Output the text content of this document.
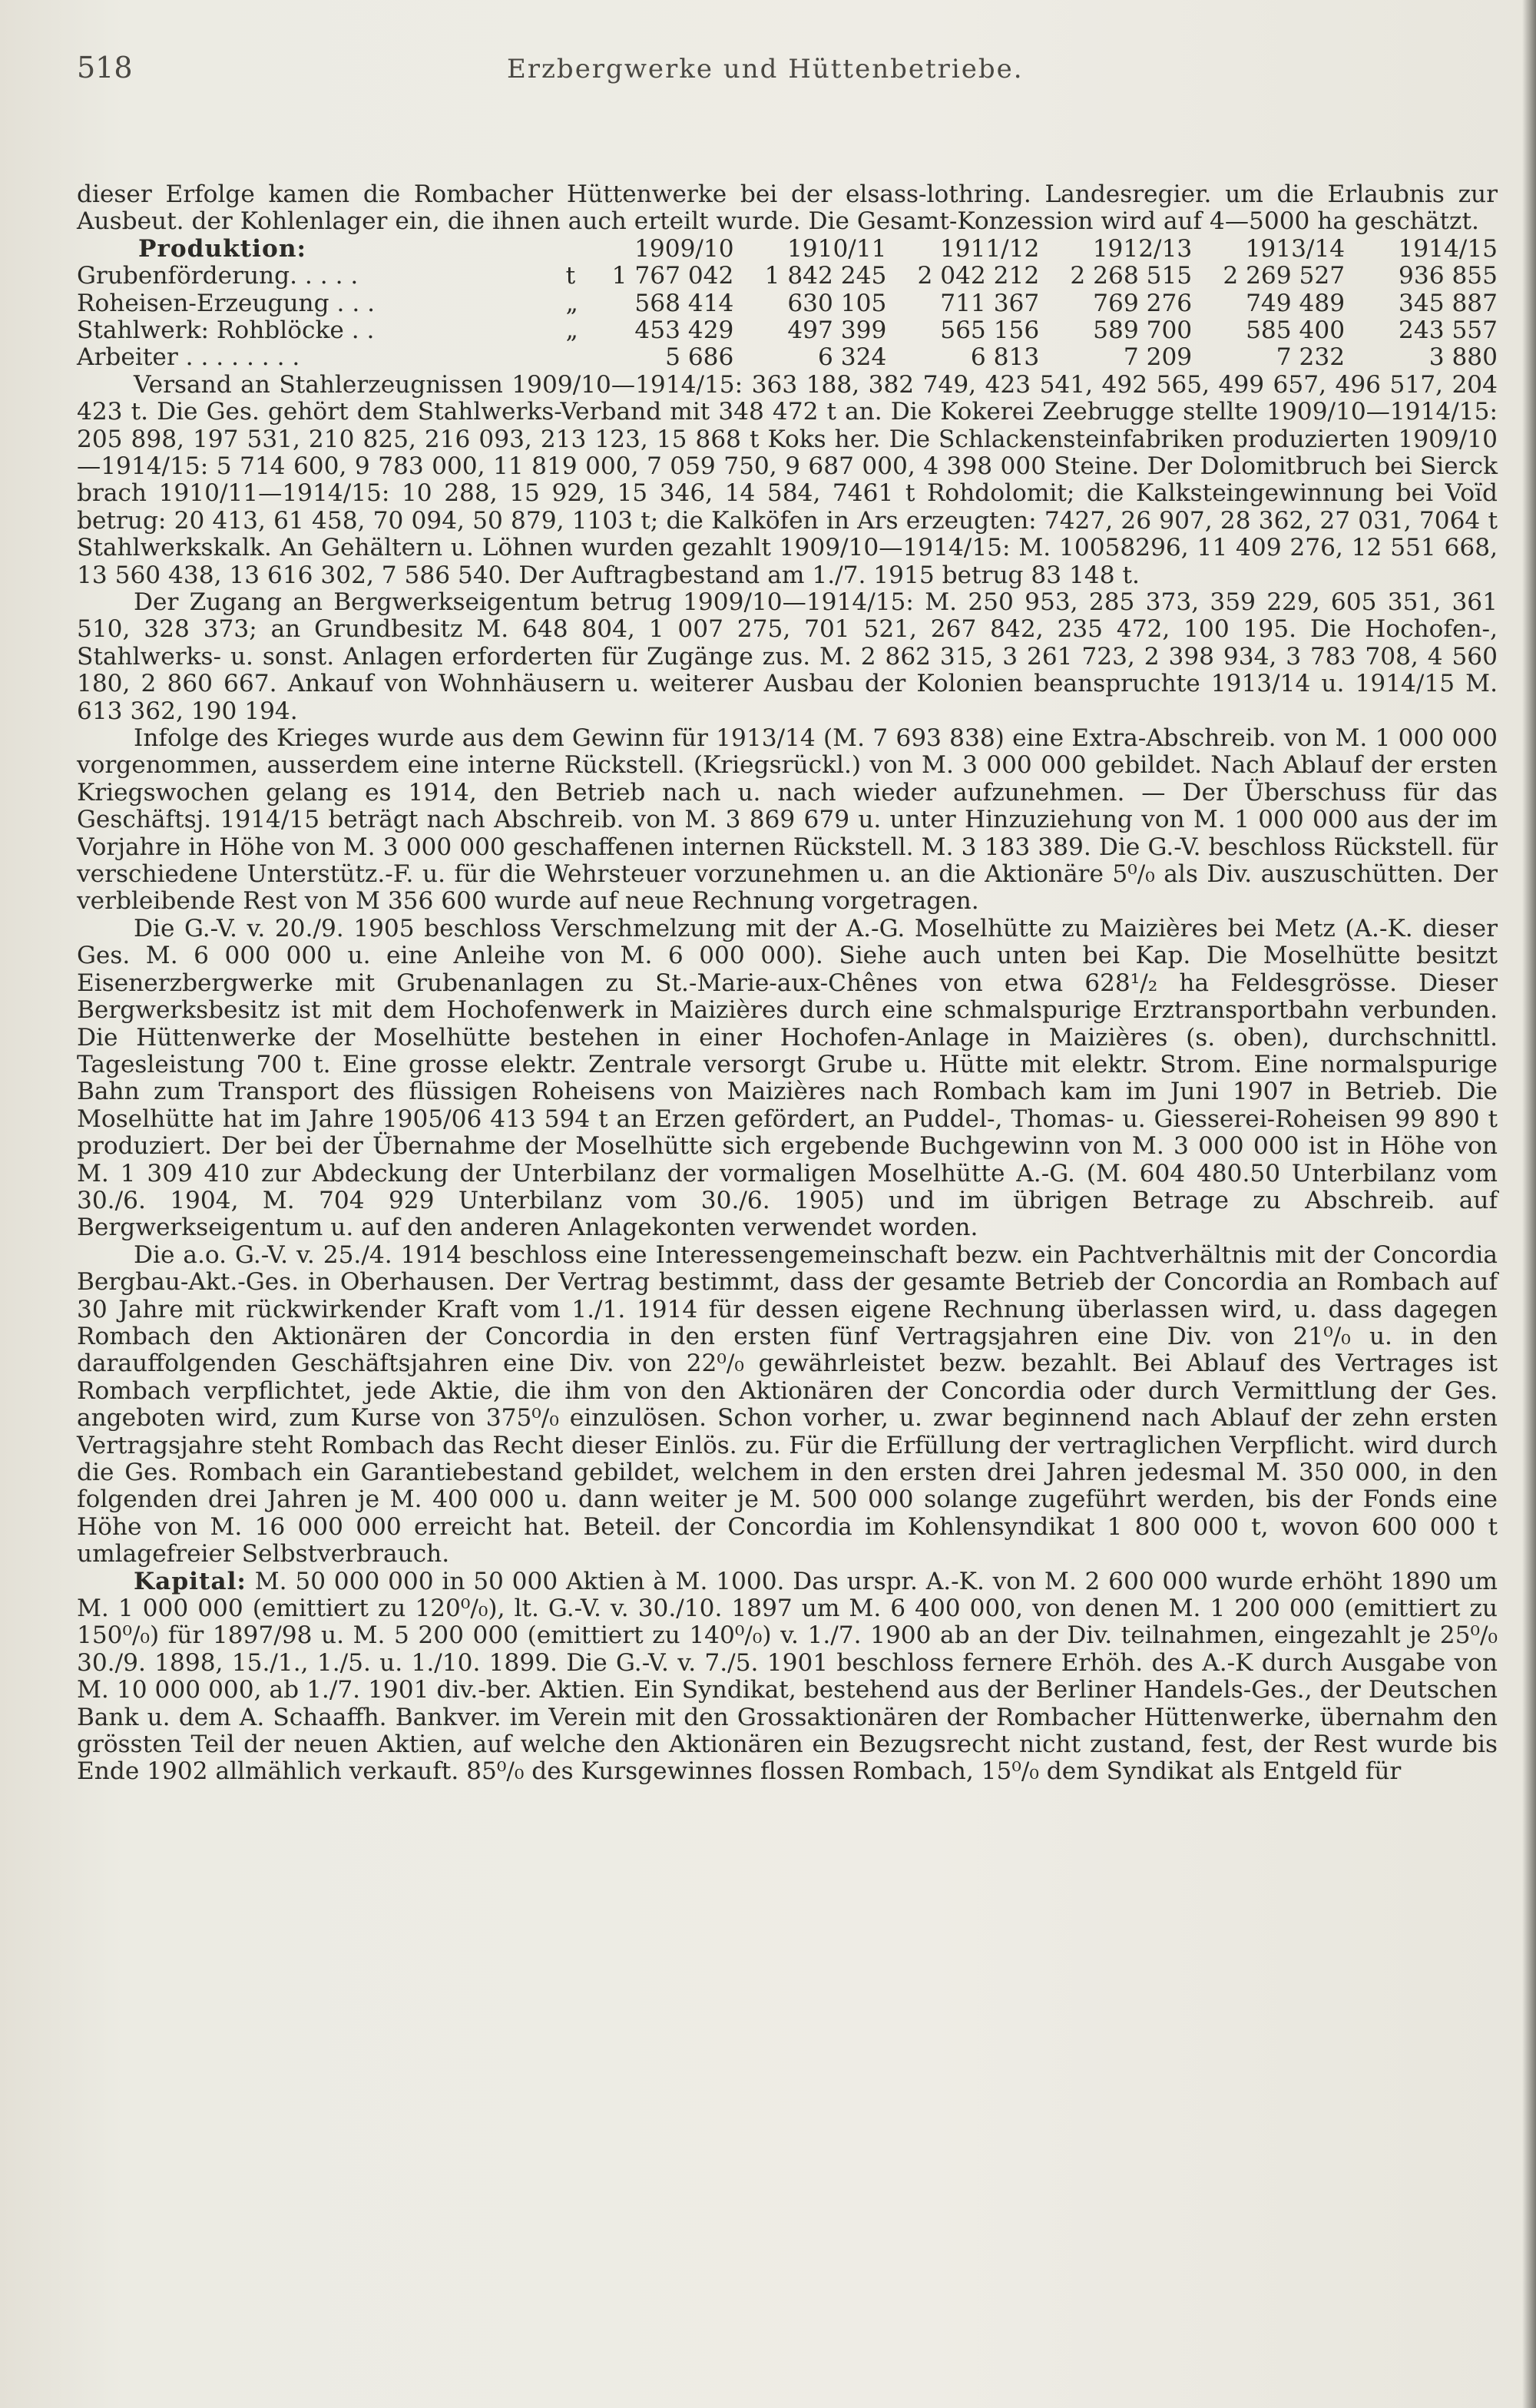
518	Erzbergwerke und Hüttenbetriebe.

dieser Erfolge kamen die Rombacher Hüttenwerke bei der elsass-lothring. Landesregier. um die Erlaubnis zur Ausbeut. der Kohlenlager ein, die ihnen auch erteilt wurde. Die Gesamt-Konzession wird auf 4—5000 ha geschätzt.

Produktion:	1909/10	1910/11	1911/12	1912/13	1913/14	1914/15
Grubenförderung. . . . .	t	1 767 042	1 842 245	2 042 212	2 268 515	2 269 527	936 855
Roheisen-Erzeugung . . .	„	568 414	630 105	711 367	769 276	749 489	345 887
Stahlwerk: Rohblöcke . .	„	453 429	497 399	565 156	589 700	585 400	243 557
Arbeiter . . . . . . . .	5 686	6 324	6 813	7 209	7 232	3 880

Versand an Stahlerzeugnissen 1909/10—1914/15: 363 188, 382 749, 423 541, 492 565, 499 657, 496 517, 204 423 t. Die Ges. gehört dem Stahlwerks-Verband mit 348 472 t an. Die Kokerei Zeebrugge stellte 1909/10—1914/15: 205 898, 197 531, 210 825, 216 093, 213 123, 15 868 t Koks her. Die Schlackensteinfabriken produzierten 1909/10—1914/15: 5 714 600, 9 783 000, 11 819 000, 7 059 750, 9 687 000, 4 398 000 Steine. Der Dolomitbruch bei Sierck brach 1910/11—1914/15: 10 288, 15 929, 15 346, 14 584, 7461 t Rohdolomit; die Kalksteingewinnung bei Voïd betrug: 20 413, 61 458, 70 094, 50 879, 1103 t; die Kalköfen in Ars erzeugten: 7427, 26 907, 28 362, 27 031, 7064 t Stahlwerkskalk. An Gehältern u. Löhnen wurden gezahlt 1909/10—1914/15: M. 10058296, 11 409 276, 12 551 668, 13 560 438, 13 616 302, 7 586 540. Der Auftragbestand am 1./7. 1915 betrug 83 148 t.

Der Zugang an Bergwerkseigentum betrug 1909/10—1914/15: M. 250 953, 285 373, 359 229, 605 351, 361 510, 328 373; an Grundbesitz M. 648 804, 1 007 275, 701 521, 267 842, 235 472, 100 195. Die Hochofen-, Stahlwerks- u. sonst. Anlagen erforderten für Zugänge zus. M. 2 862 315, 3 261 723, 2 398 934, 3 783 708, 4 560 180, 2 860 667. Ankauf von Wohnhäusern u. weiterer Ausbau der Kolonien beanspruchte 1913/14 u. 1914/15 M. 613 362, 190 194.

Infolge des Krieges wurde aus dem Gewinn für 1913/14 (M. 7 693 838) eine Extra-Abschreib. von M. 1 000 000 vorgenommen, ausserdem eine interne Rückstell. (Kriegsrückl.) von M. 3 000 000 gebildet. Nach Ablauf der ersten Kriegswochen gelang es 1914, den Betrieb nach u. nach wieder aufzunehmen. — Der Überschuss für das Geschäftsj. 1914/15 beträgt nach Abschreib. von M. 3 869 679 u. unter Hinzuziehung von M. 1 000 000 aus der im Vorjahre in Höhe von M. 3 000 000 geschaffenen internen Rückstell. M. 3 183 389. Die G.-V. beschloss Rückstell. für verschiedene Unterstütz.-F. u. für die Wehrsteuer vorzunehmen u. an die Aktionäre 5⁰/₀ als Div. auszuschütten. Der verbleibende Rest von M 356 600 wurde auf neue Rechnung vorgetragen.

Die G.-V. v. 20./9. 1905 beschloss Verschmelzung mit der A.-G. Moselhütte zu Maizières bei Metz (A.-K. dieser Ges. M. 6 000 000 u. eine Anleihe von M. 6 000 000). Siehe auch unten bei Kap. Die Moselhütte besitzt Eisenerzbergwerke mit Grubenanlagen zu St.-Marie-aux-Chênes von etwa 628¹/₂ ha Feldesgrösse. Dieser Bergwerksbesitz ist mit dem Hochofenwerk in Maizières durch eine schmalspurige Erztransportbahn verbunden. Die Hüttenwerke der Moselhütte bestehen in einer Hochofen-Anlage in Maizières (s. oben), durchschnittl. Tagesleistung 700 t. Eine grosse elektr. Zentrale versorgt Grube u. Hütte mit elektr. Strom. Eine normalspurige Bahn zum Transport des flüssigen Roheisens von Maizières nach Rombach kam im Juni 1907 in Betrieb. Die Moselhütte hat im Jahre 1905/06 413 594 t an Erzen gefördert, an Puddel-, Thomas- u. Giesserei-Roheisen 99 890 t produziert. Der bei der Übernahme der Moselhütte sich ergebende Buchgewinn von M. 3 000 000 ist in Höhe von M. 1 309 410 zur Abdeckung der Unterbilanz der vormaligen Moselhütte A.-G. (M. 604 480.50 Unterbilanz vom 30./6. 1904, M. 704 929 Unterbilanz vom 30./6. 1905) und im übrigen Betrage zu Abschreib. auf Bergwerkseigentum u. auf den anderen Anlagekonten verwendet worden.

Die a.o. G.-V. v. 25./4. 1914 beschloss eine Interessengemeinschaft bezw. ein Pachtverhältnis mit der Concordia Bergbau-Akt.-Ges. in Oberhausen. Der Vertrag bestimmt, dass der gesamte Betrieb der Concordia an Rombach auf 30 Jahre mit rückwirkender Kraft vom 1./1. 1914 für dessen eigene Rechnung überlassen wird, u. dass dagegen Rombach den Aktionären der Concordia in den ersten fünf Vertragsjahren eine Div. von 21⁰/₀ u. in den darauffolgenden Geschäftsjahren eine Div. von 22⁰/₀ gewährleistet bezw. bezahlt. Bei Ablauf des Vertrages ist Rombach verpflichtet, jede Aktie, die ihm von den Aktionären der Concordia oder durch Vermittlung der Ges. angeboten wird, zum Kurse von 375⁰/₀ einzulösen. Schon vorher, u. zwar beginnend nach Ablauf der zehn ersten Vertragsjahre steht Rombach das Recht dieser Einlös. zu. Für die Erfüllung der vertraglichen Verpflicht. wird durch die Ges. Rombach ein Garantiebestand gebildet, welchem in den ersten drei Jahren jedesmal M. 350 000, in den folgenden drei Jahren je M. 400 000 u. dann weiter je M. 500 000 solange zugeführt werden, bis der Fonds eine Höhe von M. 16 000 000 erreicht hat. Beteil. der Concordia im Kohlensyndikat 1 800 000 t, wovon 600 000 t umlagefreier Selbstverbrauch.

Kapital: M. 50 000 000 in 50 000 Aktien à M. 1000. Das urspr. A.-K. von M. 2 600 000 wurde erhöht 1890 um M. 1 000 000 (emittiert zu 120⁰/₀), lt. G.-V. v. 30./10. 1897 um M. 6 400 000, von denen M. 1 200 000 (emittiert zu 150⁰/₀) für 1897/98 u. M. 5 200 000 (emittiert zu 140⁰/₀) v. 1./7. 1900 ab an der Div. teilnahmen, eingezahlt je 25⁰/₀ 30./9. 1898, 15./1., 1./5. u. 1./10. 1899. Die G.-V. v. 7./5. 1901 beschloss fernere Erhöh. des A.-K durch Ausgabe von M. 10 000 000, ab 1./7. 1901 div.-ber. Aktien. Ein Syndikat, bestehend aus der Berliner Handels-Ges., der Deutschen Bank u. dem A. Schaaffh. Bankver. im Verein mit den Grossaktionären der Rombacher Hüttenwerke, übernahm den grössten Teil der neuen Aktien, auf welche den Aktionären ein Bezugsrecht nicht zustand, fest, der Rest wurde bis Ende 1902 allmählich verkauft. 85⁰/₀ des Kursgewinnes flossen Rombach, 15⁰/₀ dem Syndikat als Entgeld für
